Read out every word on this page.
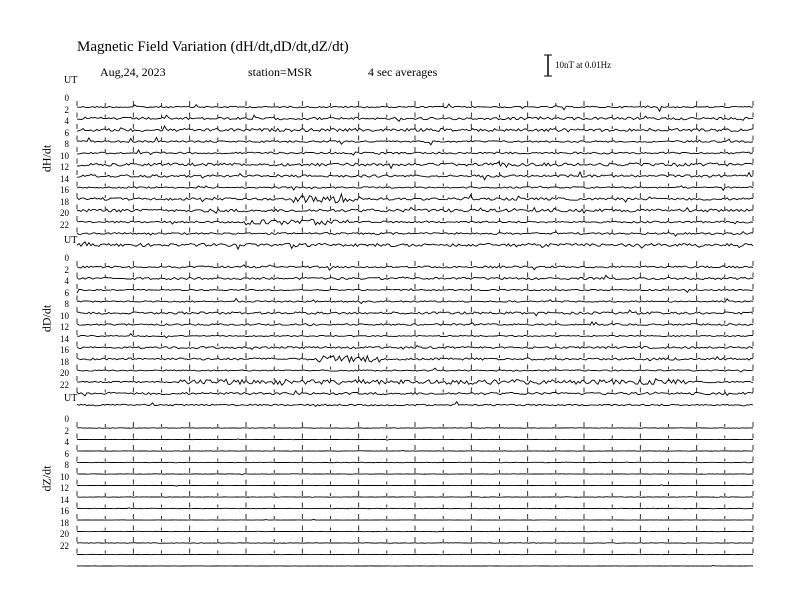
Magnetic Field Variation (dH/dt,dD/dt,dZ/dt)
Aug,24, 2023	station=MSR	4 sec averages	10nT at 0.01Hz
UT
dH/dt
0
2
4
6
8
10
12
14
16
18
20
22
UT
dD/dt
0
2
4
6
8
10
12
14
16
18
20
22
UT
dZ/dt
0
2
4
6
8
10
12
14
16
18
20
22
